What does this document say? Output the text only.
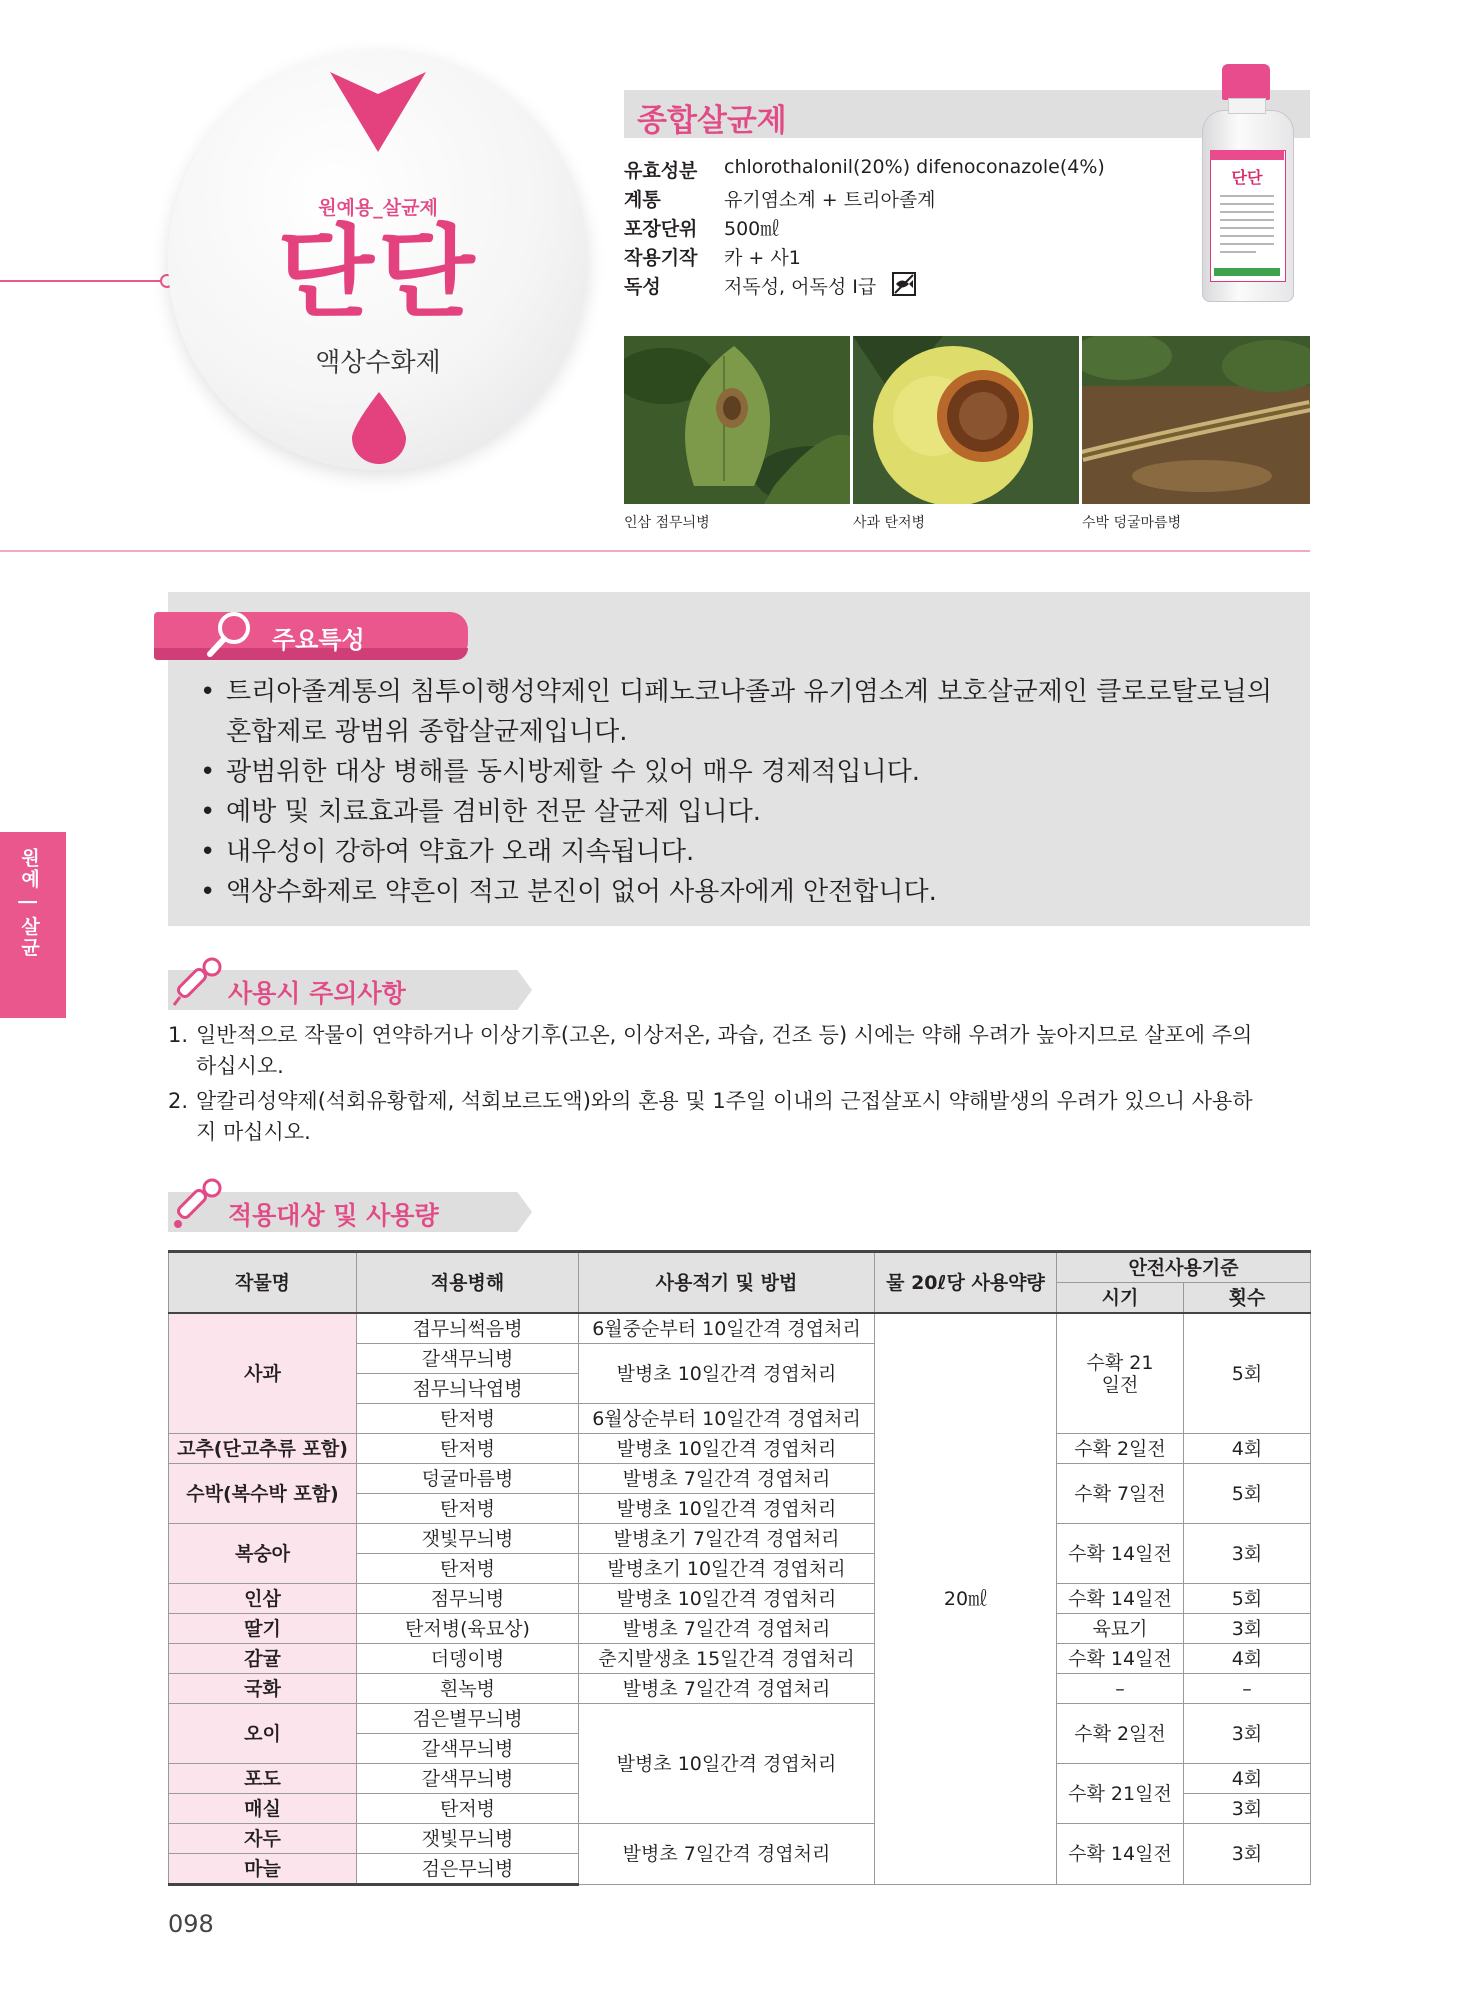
원예용_살균제
단단
액상수화제
종합살균제
유효성분 chlorothalonil(20%) difenoconazole(4%)
계통	유기염소계 + 트리아졸계
포장단위 500㎖
작용기작 카 + 사1
독성	저독성, 어독성 Ⅰ급
단단
인삼 점무늬병	사과 탄저병	수박 덩굴마름병
주요특성
• 트리아졸계통의 침투이행성약제인 디페노코나졸과 유기염소계 보호살균제인 클로로탈로닐의 혼합제로 광범위 종합살균제입니다.
• 광범위한 대상 병해를 동시방제할 수 있어 매우 경제적입니다.
• 예방 및 치료효과를 겸비한 전문 살균제 입니다.
• 내우성이 강하여 약효가 오래 지속됩니다.
• 액상수화제로 약흔이 적고 분진이 없어 사용자에게 안전합니다.
사용시 주의사항
1. 일반적으로 작물이 연약하거나 이상기후(고온, 이상저온, 과습, 건조 등) 시에는 약해 우려가 높아지므로 살포에 주의하십시오.
2. 알칼리성약제(석회유황합제, 석회보르도액)와의 혼용 및 1주일 이내의 근접살포시 약해발생의 우려가 있으니 사용하지 마십시오.
적용대상 및 사용량
작물명	적용병해	사용적기 및 방법	물 20ℓ당 사용약량	안전사용기준	
				시기	횟수
사과	겹무늬썩음병	6월중순부터 10일간격 경엽처리	20㎖	수확 21일전	5회
	갈색무늬병	발병초 10일간격 경엽처리			
	점무늬낙엽병				
	탄저병	6월상순부터 10일간격 경엽처리			
고추(단고추류 포함)	탄저병	발병초 10일간격 경엽처리		수확 2일전	4회
수박(복수박 포함)	덩굴마름병	발병초 7일간격 경엽처리		수확 7일전	5회
	탄저병	발병초 10일간격 경엽처리			
복숭아	잿빛무늬병	발병초기 7일간격 경엽처리		수확 14일전	3회
	탄저병	발병초기 10일간격 경엽처리			
인삼	점무늬병	발병초 10일간격 경엽처리		수확 14일전	5회
딸기	탄저병(육묘상)	발병초 7일간격 경엽처리		육묘기	3회
감귤	더뎅이병	춘지발생초 15일간격 경엽처리		수확 14일전	4회
국화	흰녹병	발병초 7일간격 경엽처리		–	–
오이	검은별무늬병	발병초 10일간격 경엽처리		수확 2일전	3회
	갈색무늬병				
포도	갈색무늬병			수확 21일전	4회
매실	탄저병				3회
자두	잿빛무늬병	발병초 7일간격 경엽처리		수확 14일전	3회
마늘	검은무늬병				
원예 | 살균
098
